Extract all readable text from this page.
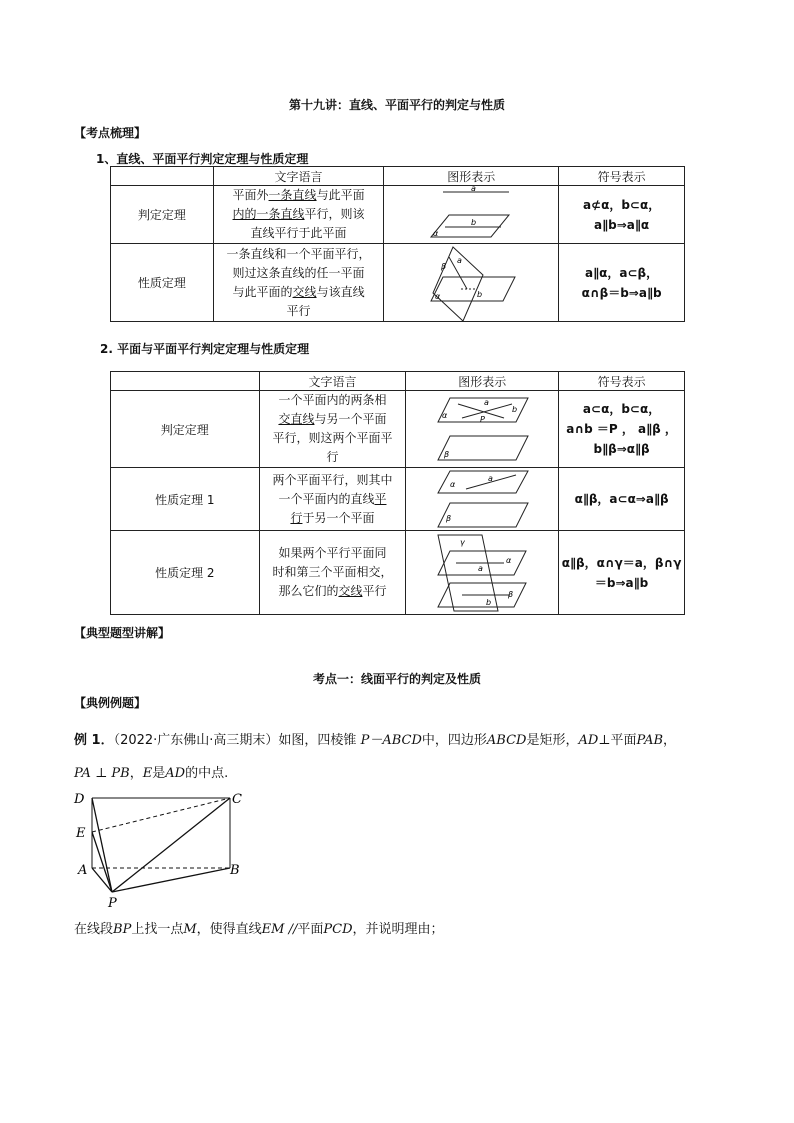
第十九讲：直线、平面平行的判定与性质
【考点梳理】
1、直线、平面平行判定定理与性质定理
	文字语言	图形表示	符号表示
判定定理	平面外一条直线与此平面
内的一条直线平行，则该
直线平行于此平面	a
b
α	a⊄α，b⊂α，
a∥b⇒a∥α
性质定理	一条直线和一个平面平行，
则过这条直线的任一平面
与此平面的交线与该直线
平行	a
β
b
α	a∥α，a⊂β，
α∩β＝b⇒a∥b
2. 平面与平面平行判定定理与性质定理
	文字语言	图形表示	符号表示
判定定理	一个平面内的两条相
交直线与另一个平面
平行，则这两个平面平
行	a
b
P
α
β	a⊂α，b⊂α，
a∩b ＝P ， a∥β ，
b∥β⇒α∥β
性质定理 1	两个平面平行，则其中
一个平面内的直线平
行于另一个平面	a
α
β	α∥β，a⊂α⇒a∥β
性质定理 2	如果两个平行平面同
时和第三个平面相交，
那么它们的交线平行	γ
α
β
a
b	α∥β，α∩γ＝a，β∩γ
＝b⇒a∥b
【典型题型讲解】
考点一：线面平行的判定及性质
【典例例题】
例 1．（2022·广东佛山·高三期末）如图，四棱锥 P－ABCD中，四边形ABCD是矩形，AD⊥平面PAB，
PA ⊥ PB，E是AD的中点.
D	C
E
A	B
P
在线段BP上找一点M，使得直线EM //平面PCD，并说明理由；
